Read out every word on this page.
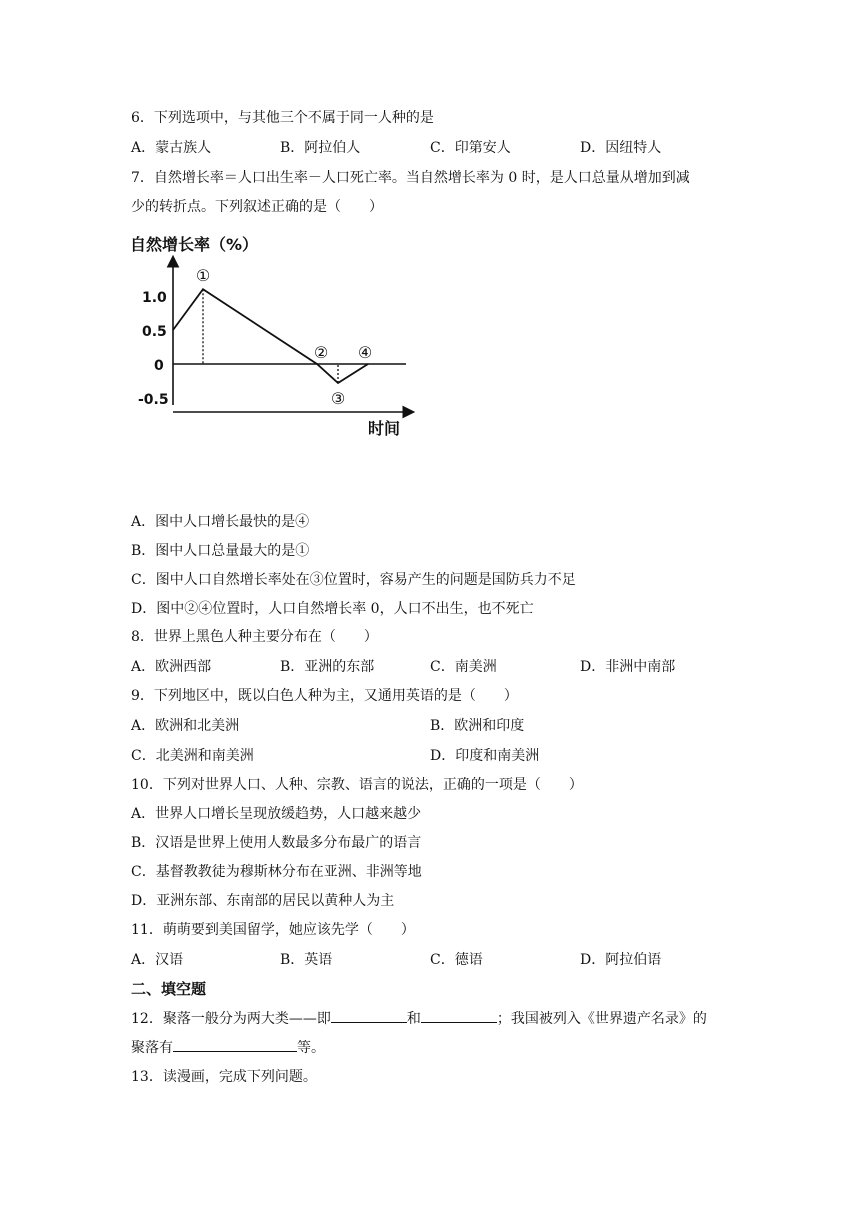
6．下列选项中，与其他三个不属于同一人种的是
A．蒙古族人	B．阿拉伯人	C．印第安人	D．因纽特人
7．自然增长率＝人口出生率－人口死亡率。当自然增长率为 0 时，是人口总量从增加到减
少的转折点。下列叙述正确的是（　　）
自然增长率（%）
1.0
0.5
0
-0.5
时间
①
②
③
④
A．图中人口增长最快的是④
B．图中人口总量最大的是①
C．图中人口自然增长率处在③位置时，容易产生的问题是国防兵力不足
D．图中②④位置时，人口自然增长率 0，人口不出生，也不死亡
8．世界上黑色人种主要分布在（　　）
A．欧洲西部	B．亚洲的东部	C．南美洲	D．非洲中南部
9．下列地区中，既以白色人种为主，又通用英语的是（　　）
A．欧洲和北美洲	B．欧洲和印度
C．北美洲和南美洲	D．印度和南美洲
10．下列对世界人口、人种、宗教、语言的说法，正确的一项是（　　）
A．世界人口增长呈现放缓趋势，人口越来越少
B．汉语是世界上使用人数最多分布最广的语言
C．基督教教徒为穆斯林分布在亚洲、非洲等地
D．亚洲东部、东南部的居民以黄种人为主
11．萌萌要到美国留学，她应该先学（　　）
A．汉语	B．英语	C．德语	D．阿拉伯语
二、填空题
12．聚落一般分为两大类——即	和	；我国被列入《世界遗产名录》的
聚落有	等。
13．读漫画，完成下列问题。
